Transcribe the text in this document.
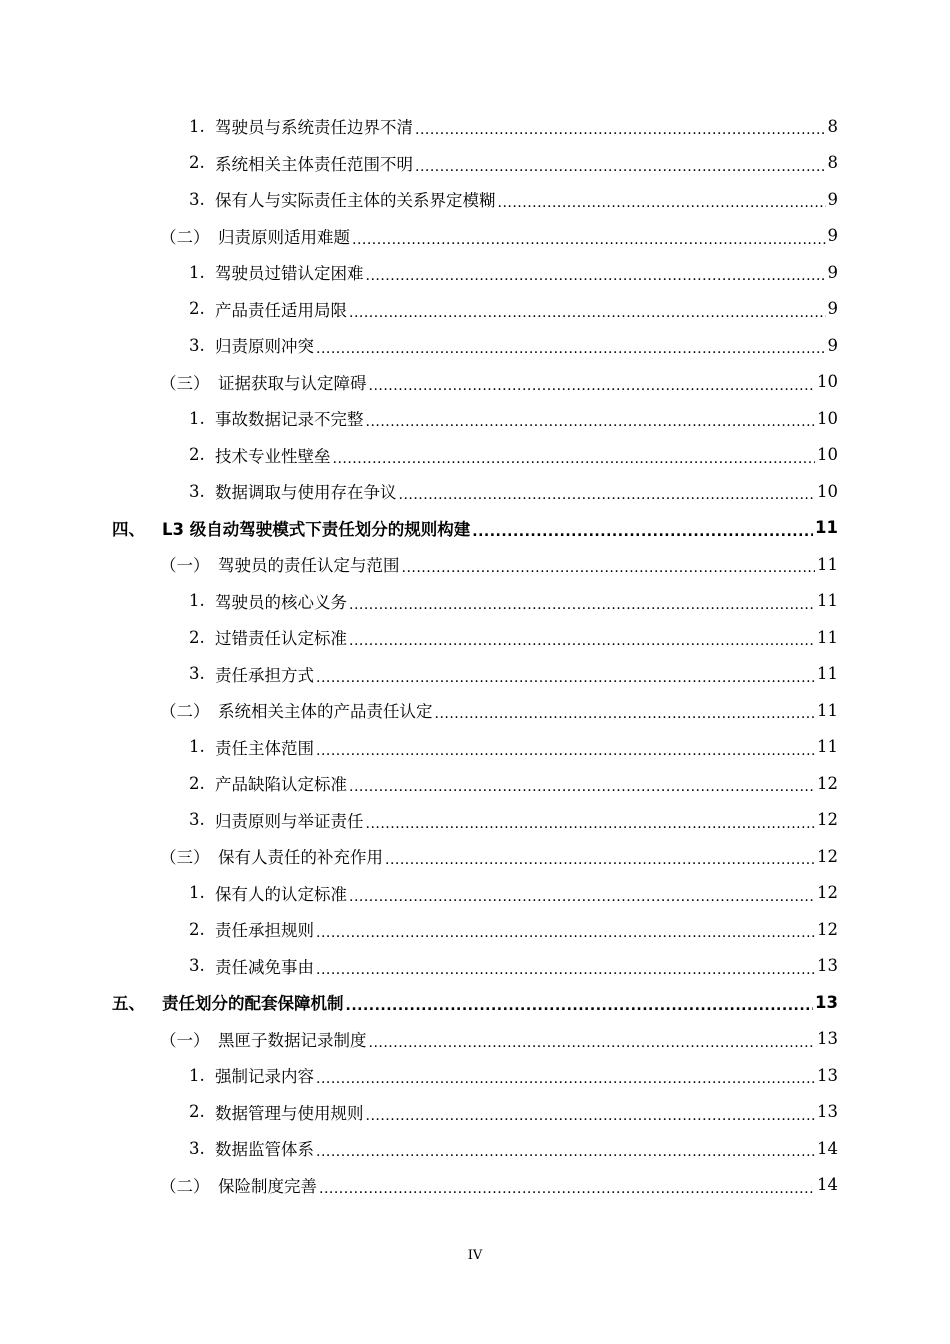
1. 驾驶员与系统责任边界不清 .....	8
2. 系统相关主体责任范围不明 .....	8
3. 保有人与实际责任主体的关系界定模糊 .....	9
（二） 归责原则适用难题 .....	9
1. 驾驶员过错认定困难 .....	9
2. 产品责任适用局限 .....	9
3. 归责原则冲突 .....	9
（三） 证据获取与认定障碍 .....	10
1. 事故数据记录不完整 .....	10
2. 技术专业性壁垒 .....	10
3. 数据调取与使用存在争议 .....	10
四、	L3 级自动驾驶模式下责任划分的规则构建 .....	11
（一） 驾驶员的责任认定与范围 .....	11
1. 驾驶员的核心义务 .....	11
2. 过错责任认定标准 .....	11
3. 责任承担方式 .....	11
（二） 系统相关主体的产品责任认定 .....	11
1. 责任主体范围 .....	11
2. 产品缺陷认定标准 .....	12
3. 归责原则与举证责任 .....	12
（三） 保有人责任的补充作用 .....	12
1. 保有人的认定标准 .....	12
2. 责任承担规则 .....	12
3. 责任减免事由 .....	13
五、	责任划分的配套保障机制 .....	13
（一） 黑匣子数据记录制度 .....	13
1. 强制记录内容 .....	13
2. 数据管理与使用规则 .....	13
3. 数据监管体系 .....	14
（二） 保险制度完善 .....	14
IV
